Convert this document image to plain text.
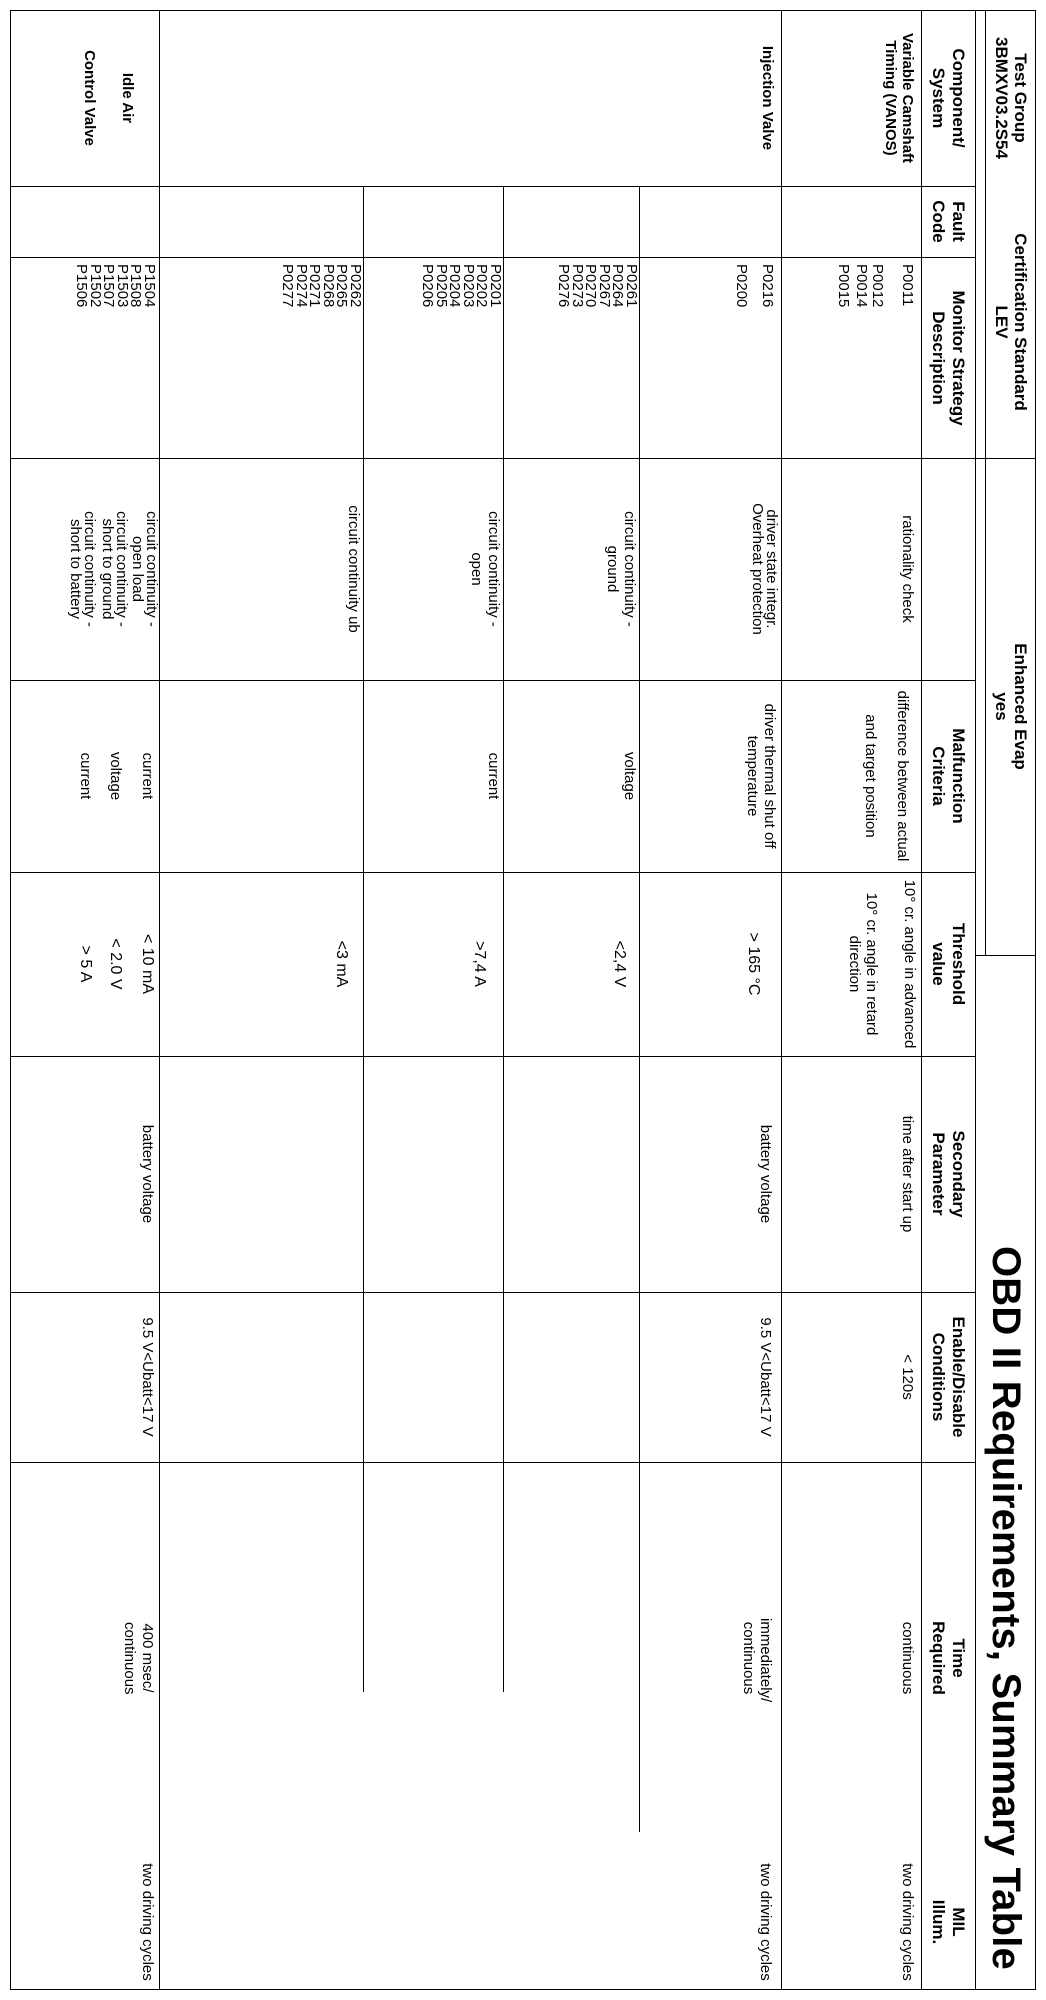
OBD II Requirements, Summary Table
Test Group
3BMXV03.2S54
Certification Standard
LEV
Enhanced Evap
yes
Component/ System
Fault Code
Monitor Strategy Description
Malfunction Criteria
Threshold value
Secondary Parameter
Enable/Disable Conditions
Time Required
MIL Illum.
Variable Camshaft Timing (VANOS)
P0011
P0012
P0014
P0015
rationality check
difference between actual and target position
10° cr. angle in advanced
10° cr. angle in retard direction
time after start up
< 120s
continuous
two driving cycles
Injection Valve
P0216
P0200
driver state integr. Overheat protection
driver thermal shut off temperature
> 165 °C
P0261
P0264
P0267
P0270
P0273
P0276
circuit continuity - ground
voltage
<2,4 V
P0201
P0202
P0203
P0204
P0205
P0206
circuit continuity - open
current
>7,4 A
P0262
P0265
P0268
P0271
P0274
P0277
circuit continuity ub
<3 mA
battery voltage
9.5 V<Ubatt<17 V
immediately/ continuous
two driving cycles
Idle Air Control Valve
P1504
P1508
P1503
P1507
P1502
P1506
circuit continuity - open load
circuit continuity - short to ground
circuit continuity - short to battery
current
voltage
current
< 10 mA
< 2.0 V
> 5 A
battery voltage
9.5 V<Ubatt<17 V
400 msec/ continuous
two driving cycles
